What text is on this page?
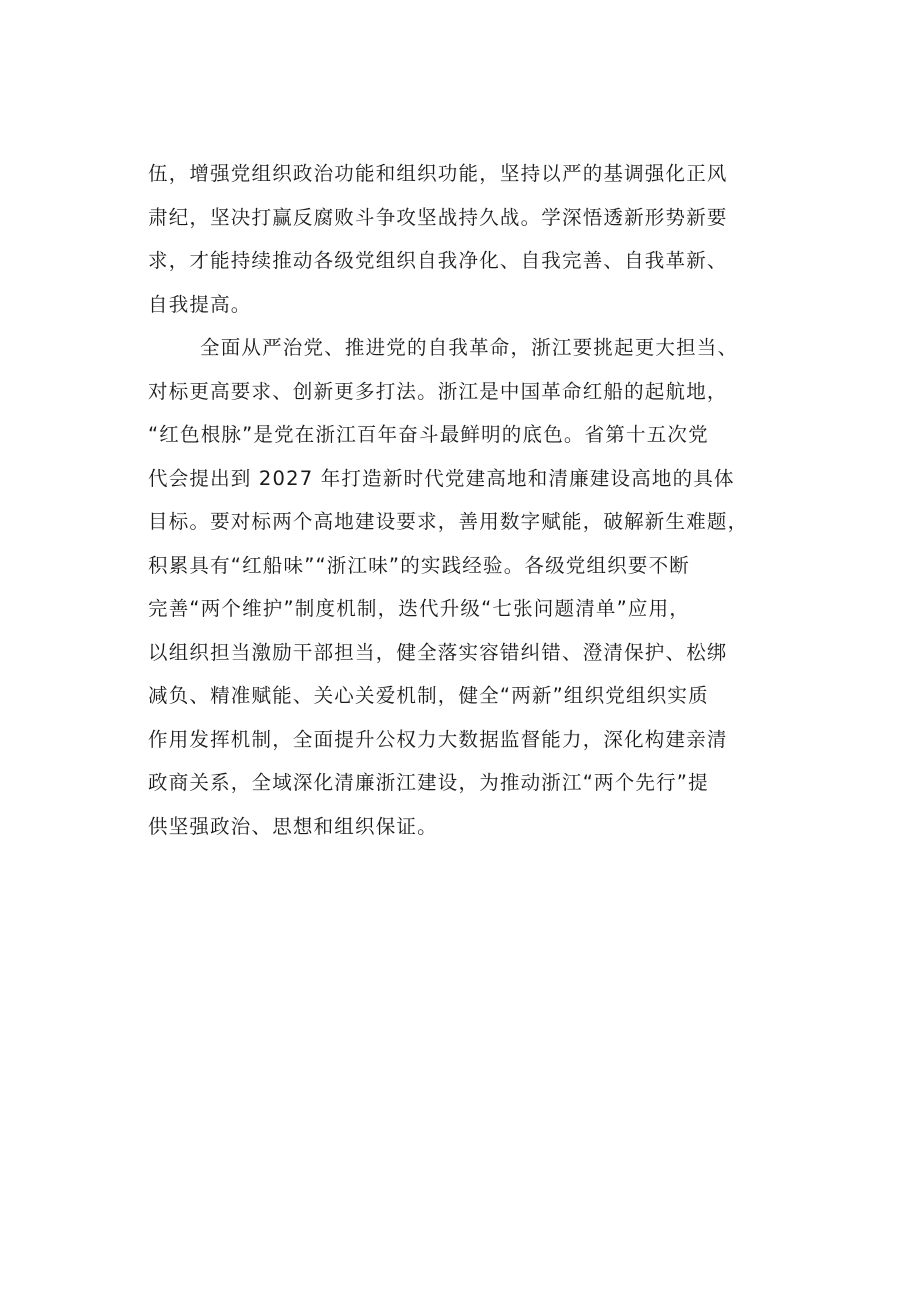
伍，增强党组织政治功能和组织功能，坚持以严的基调强化正风
肃纪，坚决打赢反腐败斗争攻坚战持久战。学深悟透新形势新要
求，才能持续推动各级党组织自我净化、自我完善、自我革新、
自我提高。
全面从严治党、推进党的自我革命，浙江要挑起更大担当、
对标更高要求、创新更多打法。浙江是中国革命红船的起航地，
“红色根脉”是党在浙江百年奋斗最鲜明的底色。省第十五次党
代会提出到 2027 年打造新时代党建高地和清廉建设高地的具体
目标。要对标两个高地建设要求，善用数字赋能，破解新生难题，
积累具有“红船味”“浙江味”的实践经验。各级党组织要不断
完善“两个维护”制度机制，迭代升级“七张问题清单”应用，
以组织担当激励干部担当，健全落实容错纠错、澄清保护、松绑
减负、精准赋能、关心关爱机制，健全“两新”组织党组织实质
作用发挥机制，全面提升公权力大数据监督能力，深化构建亲清
政商关系，全域深化清廉浙江建设，为推动浙江“两个先行”提
供坚强政治、思想和组织保证。
